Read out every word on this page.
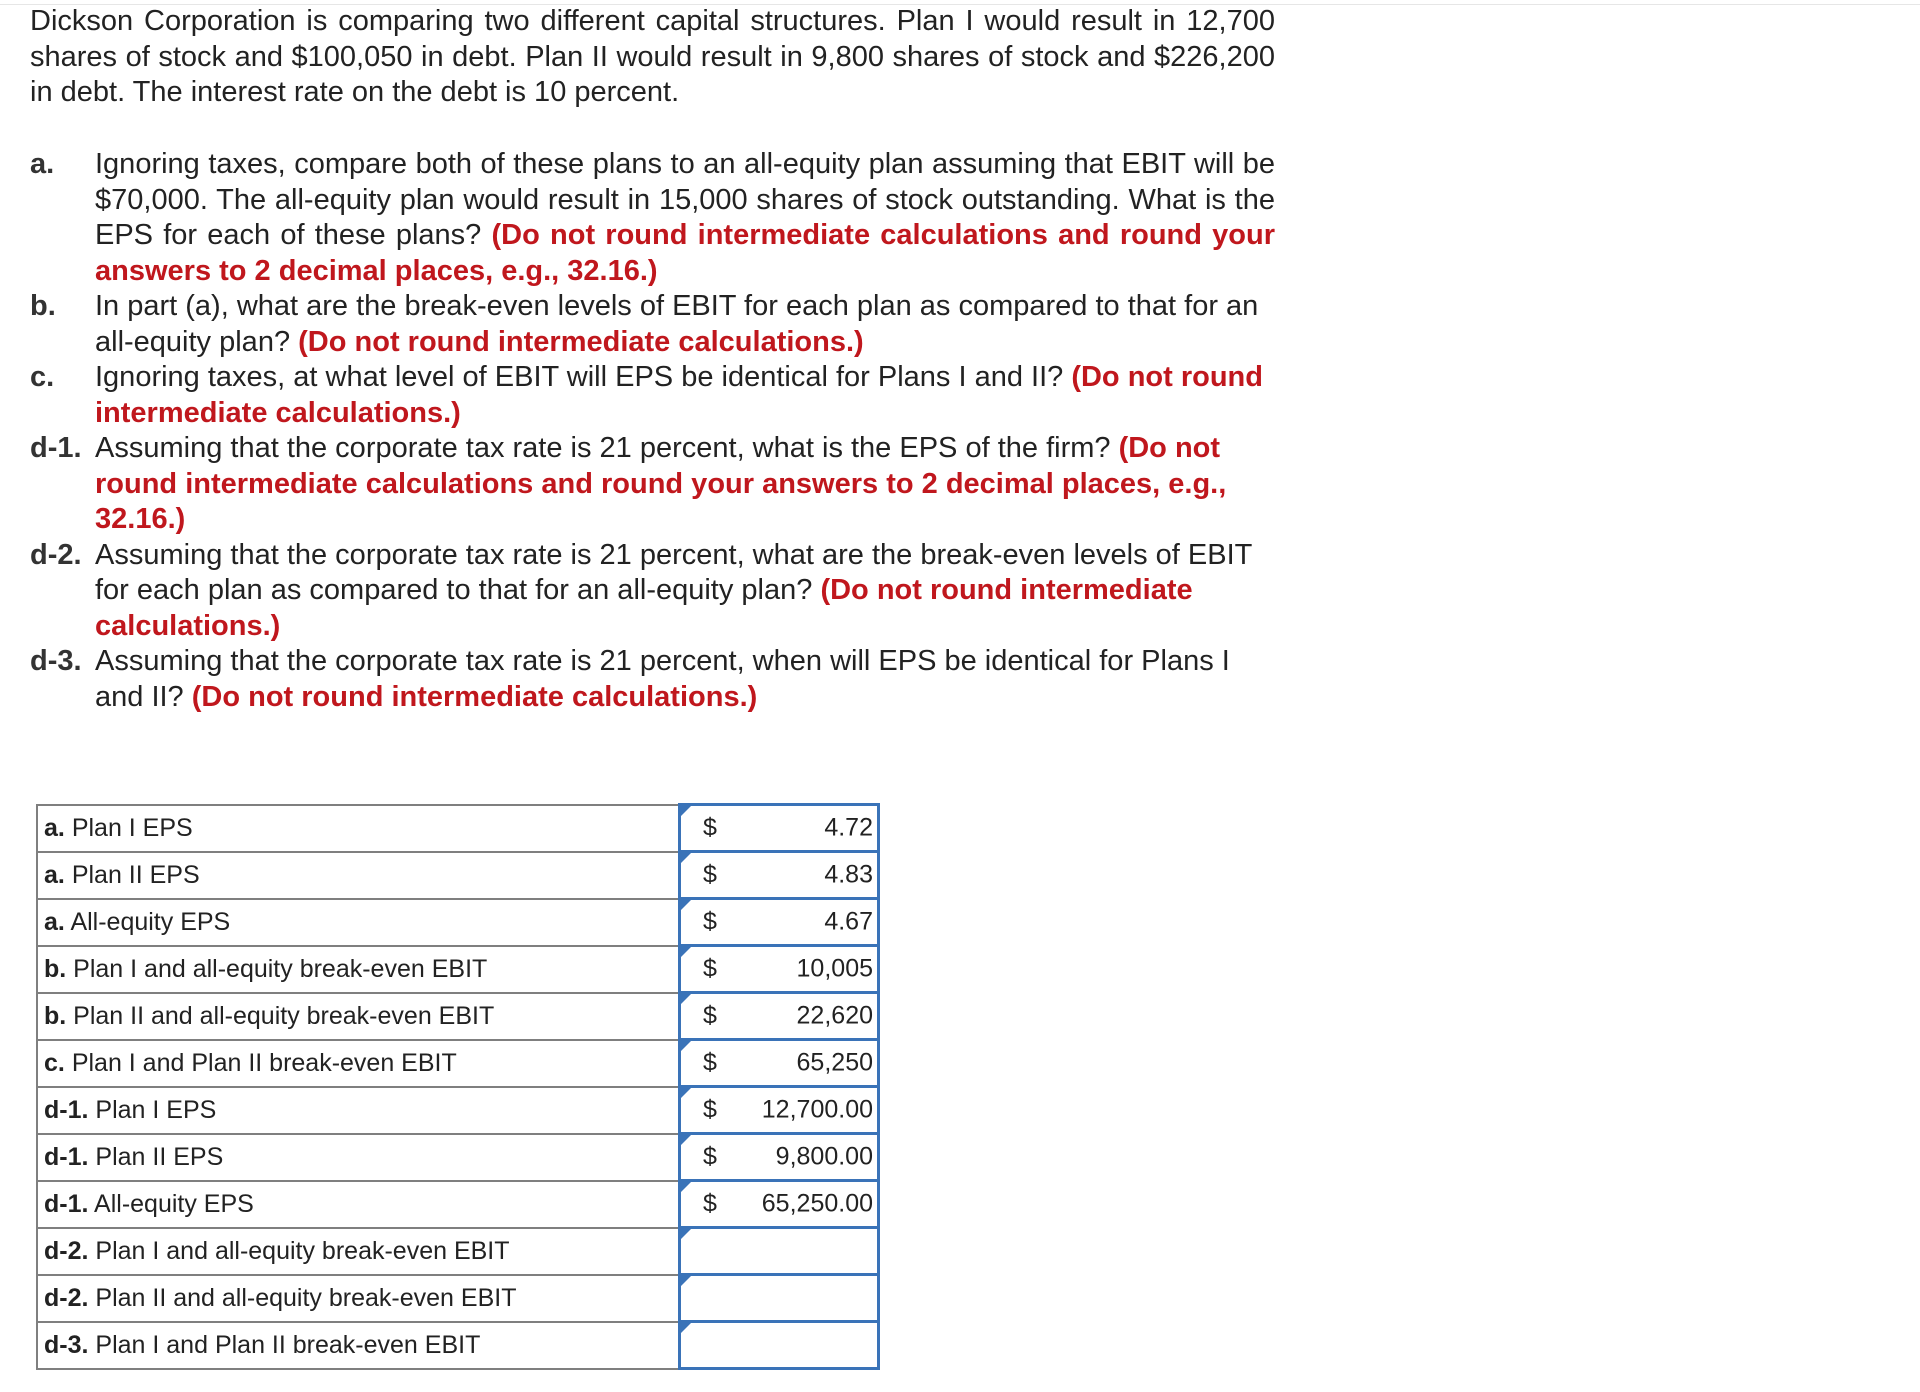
Dickson Corporation is comparing two different capital structures. Plan I would result in 12,700 shares of stock and $100,050 in debt. Plan II would result in 9,800 shares of stock and $226,200 in debt. The interest rate on the debt is 10 percent.
a.	Ignoring taxes, compare both of these plans to an all-equity plan assuming that EBIT will be $70,000. The all-equity plan would result in 15,000 shares of stock outstanding. What is the EPS for each of these plans? (Do not round intermediate calculations and round your answers to 2 decimal places, e.g., 32.16.)
b.	In part (a), what are the break-even levels of EBIT for each plan as compared to that for an all-equity plan? (Do not round intermediate calculations.)
c.	Ignoring taxes, at what level of EBIT will EPS be identical for Plans I and II? (Do not round intermediate calculations.)
d-1. Assuming that the corporate tax rate is 21 percent, what is the EPS of the firm? (Do not round intermediate calculations and round your answers to 2 decimal places, e.g., 32.16.)
d-2. Assuming that the corporate tax rate is 21 percent, what are the break-even levels of EBIT for each plan as compared to that for an all-equity plan? (Do not round intermediate calculations.)
d-3. Assuming that the corporate tax rate is 21 percent, when will EPS be identical for Plans I and II? (Do not round intermediate calculations.)
a. Plan I EPS	$ 4.72

a. Plan II EPS	$ 4.83

a. All-equity EPS	$ 4.67

b. Plan I and all-equity break-even EBIT	$ 10,005

b. Plan II and all-equity break-even EBIT	$ 22,620

c. Plan I and Plan II break-even EBIT	$ 65,250

d-1. Plan I EPS	$ 12,700.00

d-1. Plan II EPS	$ 9,800.00

d-1. All-equity EPS	$ 65,250.00

d-2. Plan I and all-equity break-even EBIT	

d-2. Plan II and all-equity break-even EBIT	

d-3. Plan I and Plan II break-even EBIT	
